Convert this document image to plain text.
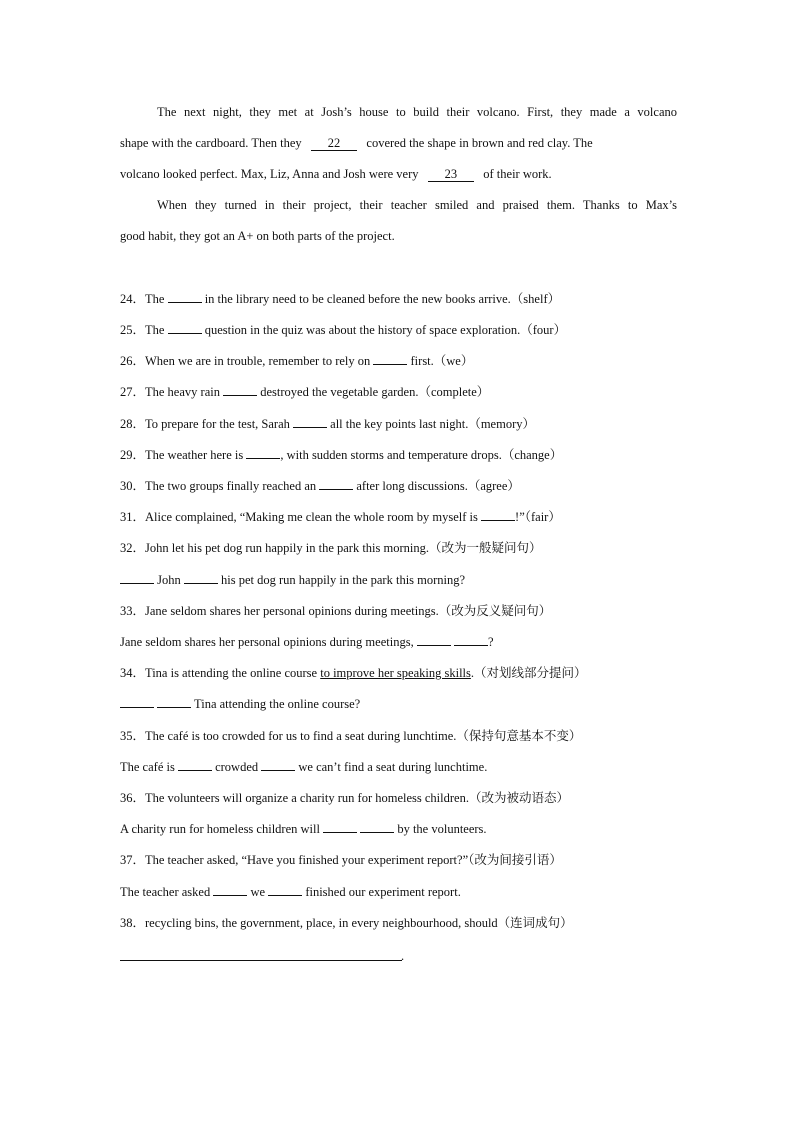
The next night, they met at Josh’s house to build their volcano. First, they made a volcano
shape with the cardboard. Then they 22 covered the shape in brown and red clay. The
volcano looked perfect. Max, Liz, Anna and Josh were very 23 of their work.
When they turned in their project, their teacher smiled and praised them. Thanks to Max’s
good habit, they got an A+ on both parts of the project.
24．The	in the library need to be cleaned before the new books arrive.（shelf）
25．The	question in the quiz was about the history of space exploration.（four）
26．When we are in trouble, remember to rely on	first.（we）
27．The heavy rain	destroyed the vegetable garden.（complete）
28．To prepare for the test, Sarah	all the key points last night.（memory）
29．The weather here is	, with sudden storms and temperature drops.（change）
30．The two groups finally reached an	after long discussions.（agree）
31．Alice complained, “Making me clean the whole room by myself is	!”（fair）
32．John let his pet dog run happily in the park this morning.（改为一般疑问句）
John	his pet dog run happily in the park this morning?
33．Jane seldom shares her personal opinions during meetings.（改为反义疑问句）
Jane seldom shares her personal opinions during meetings,	?
34．Tina is attending the online course to improve her speaking skills.（对划线部分提问）
Tina attending the online course?
35．The café is too crowded for us to find a seat during lunchtime.（保持句意基本不变）
The café is	crowded	we can’t find a seat during lunchtime.
36．The volunteers will organize a charity run for homeless children.（改为被动语态）
A charity run for homeless children will	by the volunteers.
37．The teacher asked, “Have you finished your experiment report?”（改为间接引语）
The teacher asked	we	finished our experiment report.
38．recycling bins, the government, place, in every neighbourhood, should（连词成句）
.
